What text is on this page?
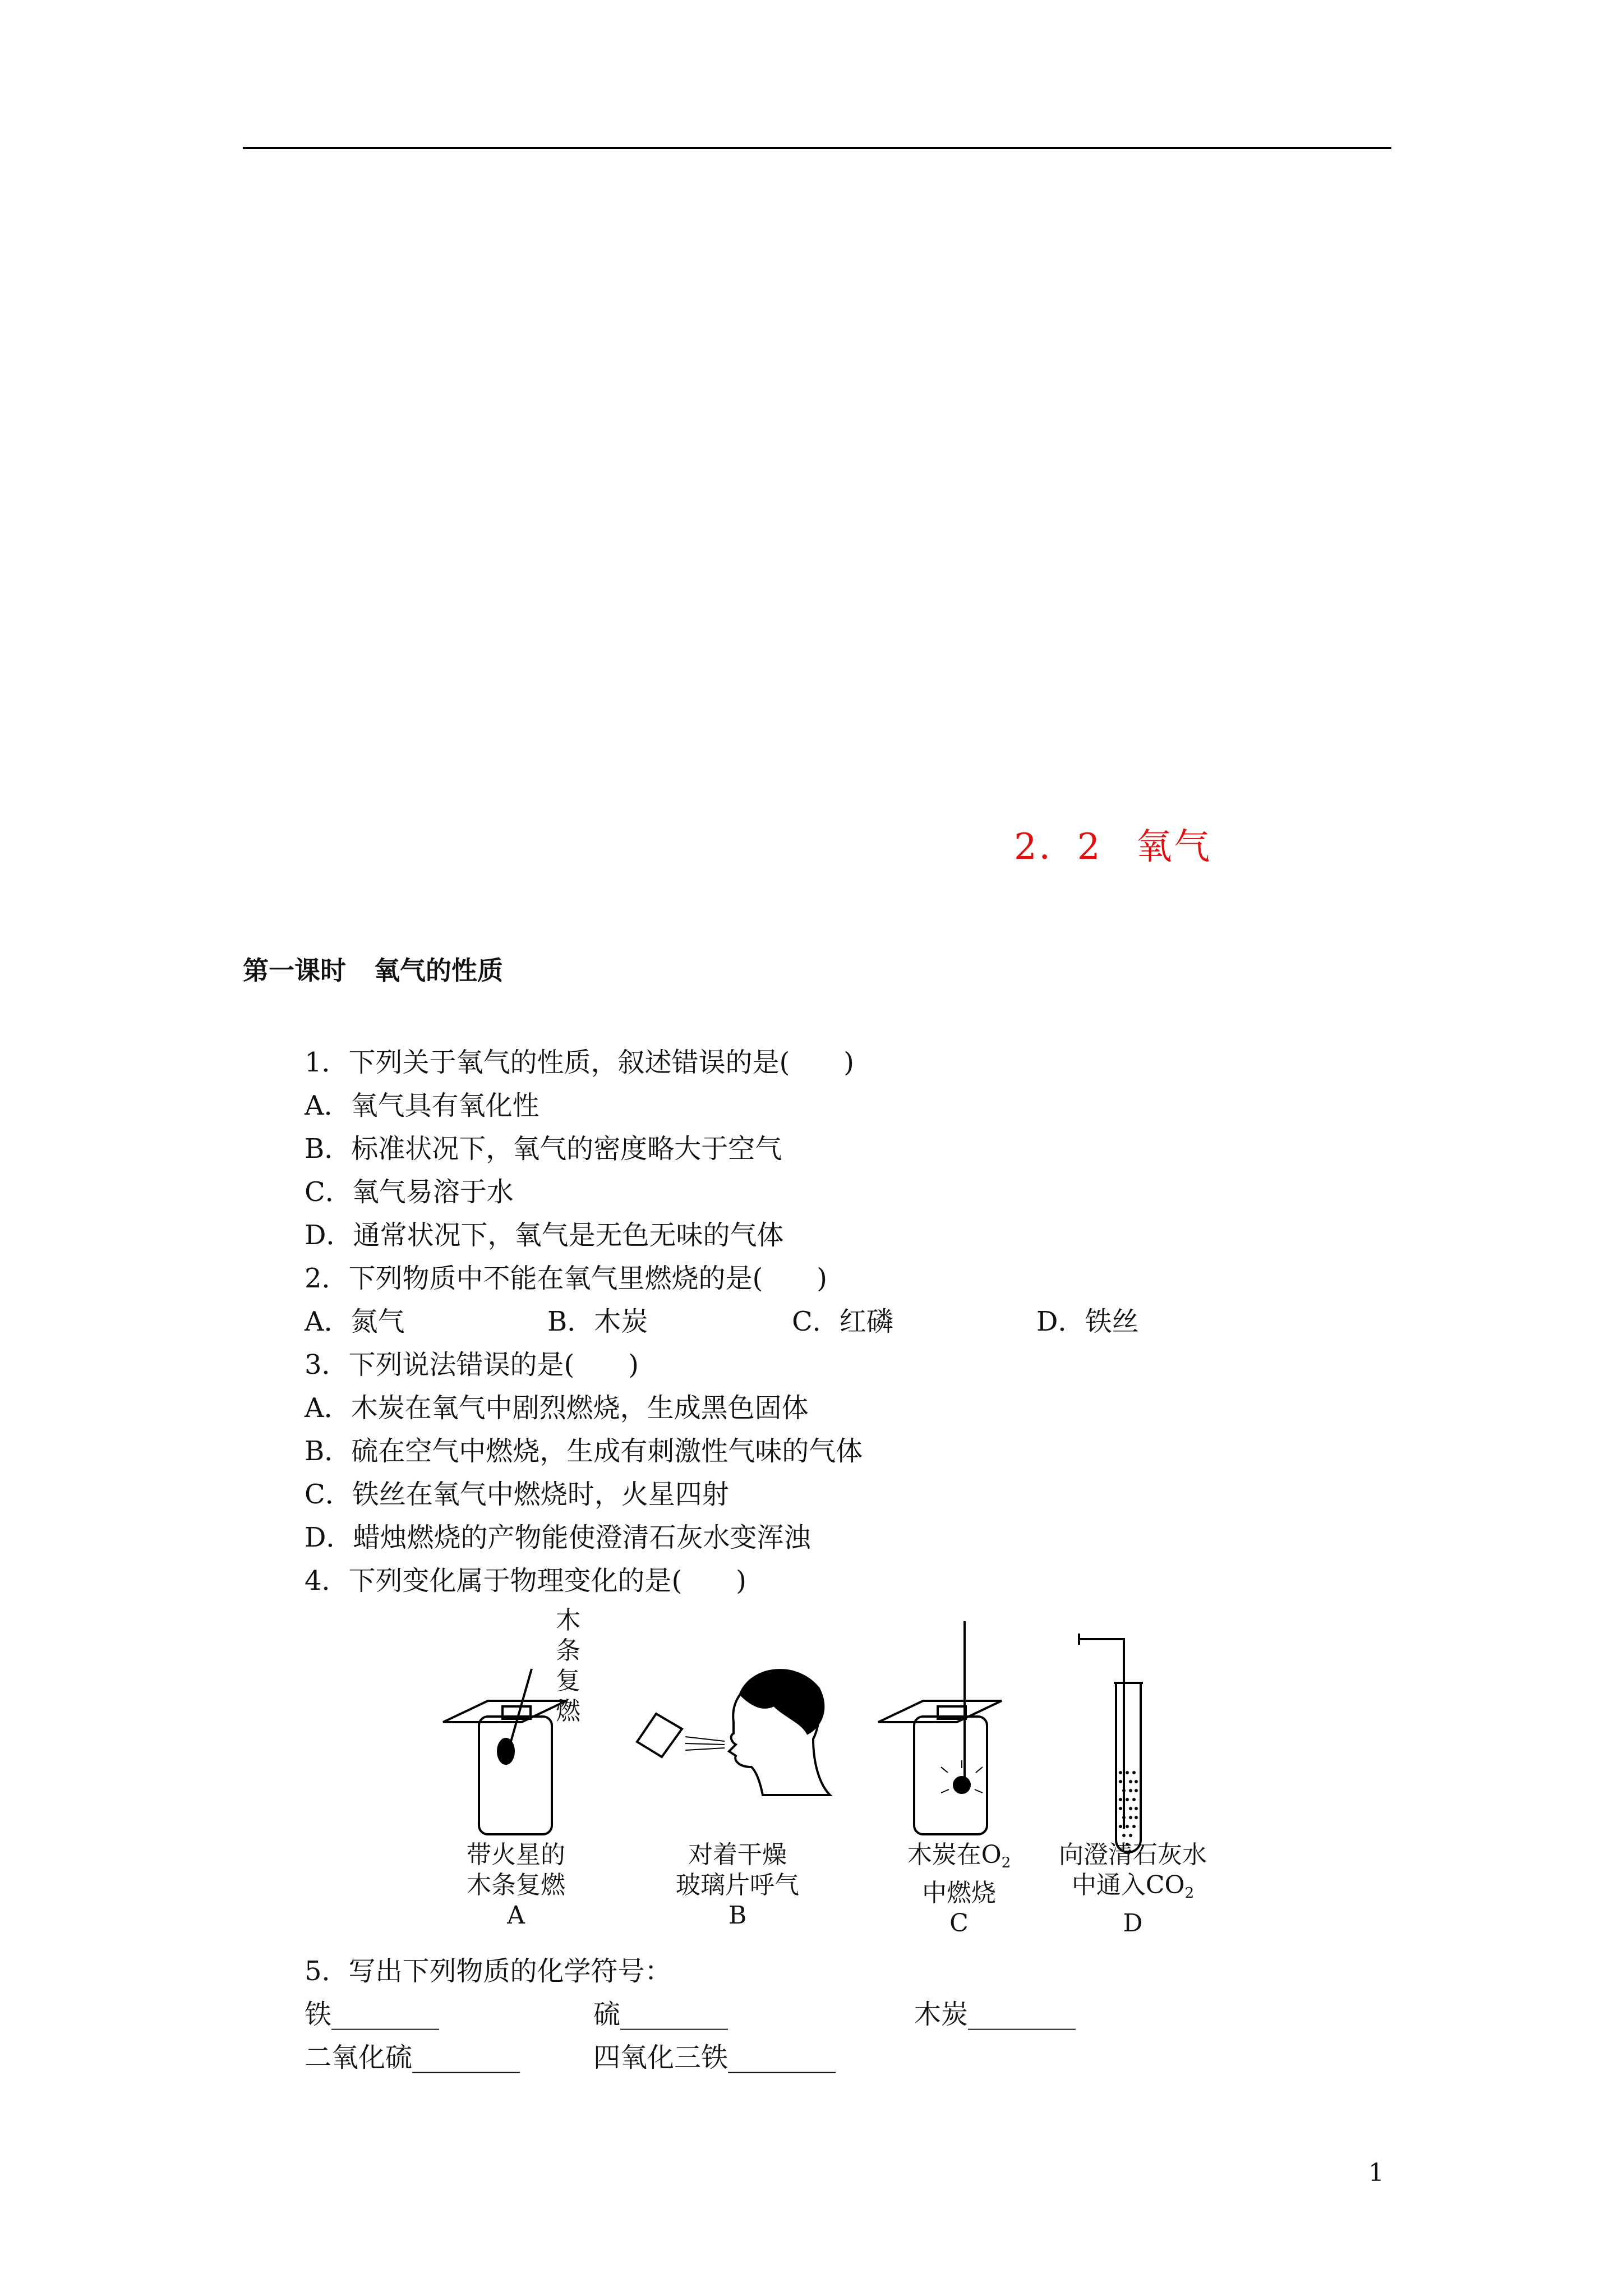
2．2 氧气
第一课时 氧气的性质
1．下列关于氧气的性质，叙述错误的是(　　)
A．氧气具有氧化性
B．标准状况下，氧气的密度略大于空气
C．氧气易溶于水
D．通常状况下，氧气是无色无味的气体
2．下列物质中不能在氧气里燃烧的是(　　)
A．氮气	B．木炭	C．红磷	D．铁丝
3．下列说法错误的是(　　)
A．木炭在氧气中剧烈燃烧，生成黑色固体
B．硫在空气中燃烧，生成有刺激性气味的气体
C．铁丝在氧气中燃烧时，火星四射
D．蜡烛燃烧的产物能使澄清石灰水变浑浊
4．下列变化属于物理变化的是(　　)
木
条
复
燃
带火星的
木条复燃
A
对着干燥
玻璃片呼气
B
木炭在$O_2$
中燃烧
C
向澄清石灰水
中通入$CO_2$
D
5．写出下列物质的化学符号：
铁________	硫________	木炭________
二氧化硫________	四氧化三铁________
1
